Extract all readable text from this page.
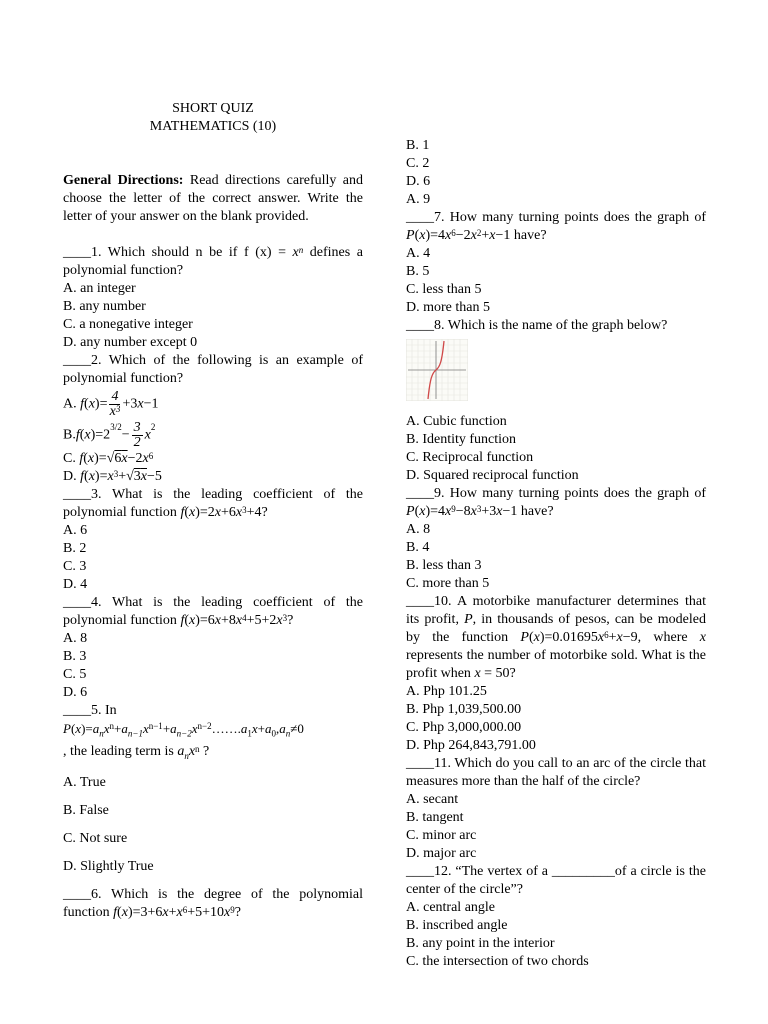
SHORT QUIZ
MATHEMATICS (10)
General Directions: Read directions carefully and choose the letter of the correct answer. Write the letter of your answer on the blank provided.
____1. Which should n be if f $(x) = x^n$ defines a polynomial function?
A. an integer
B. any number
C. a nonegative integer
D. any number except 0
____2. Which of the following is an example of polynomial function?
A. $f(x)= \frac{4}{x^3} +3x-1$
$B.f(x)=2^{3/2}- \frac{3}{2} x^2$
C. $f(x)=√6x-2x^6$
D. $f(x)=x^3+√3x-5$
____3. What is the leading coefficient of the polynomial function $f(x)=2x+6x^3+4$?
A. 6
B. 2
C. 3
D. 4
____4. What is the leading coefficient of the polynomial function $f(x)=6x+8x^4+5+2x^3$?
A. 8
B. 3
C. 5
D. 6
____5. In
$P(x)=a_nx^n+a_{n-1}x^{n-1}+a_{n-2}x^{n-2}\dots\dots.a_1x+a_0,a_n\ne 0$
, the leading term is $a_nx^n$ ?
A. True
B. False
C. Not sure
D. Slightly True
____6. Which is the degree of the polynomial function $f(x)=3+6x+x^6+5+10x^9$?
B. 1
C. 2
D. 6
A. 9
____7. How many turning points does the graph of $P(x)=4x^6-2x^2+x-1$ have?
A. 4
B. 5
C. less than 5
D. more than 5
____8. Which is the name of the graph below?
A. Cubic function
B. Identity function
C. Reciprocal function
D. Squared reciprocal function
____9. How many turning points does the graph of $P(x)=4x^9-8x^3+3x-1$ have?
A. 8
B. 4
B. less than 3
C. more than 5
____10. A motorbike manufacturer determines that its profit, P, in thousands of pesos, can be modeled by the function $P(x)=0.01695x^6+x-9$, where x represents the number of motorbike sold. What is the profit when x = 50?
A. Php 101.25
B. Php 1,039,500.00
C. Php 3,000,000.00
D. Php 264,843,791.00
____11. Which do you call to an arc of the circle that measures more than the half of the circle?
A. secant
B. tangent
C. minor arc
D. major arc
____12. “The vertex of a _________of a circle is the center of the circle”?
A. central angle
B. inscribed angle
B. any point in the interior
C. the intersection of two chords
